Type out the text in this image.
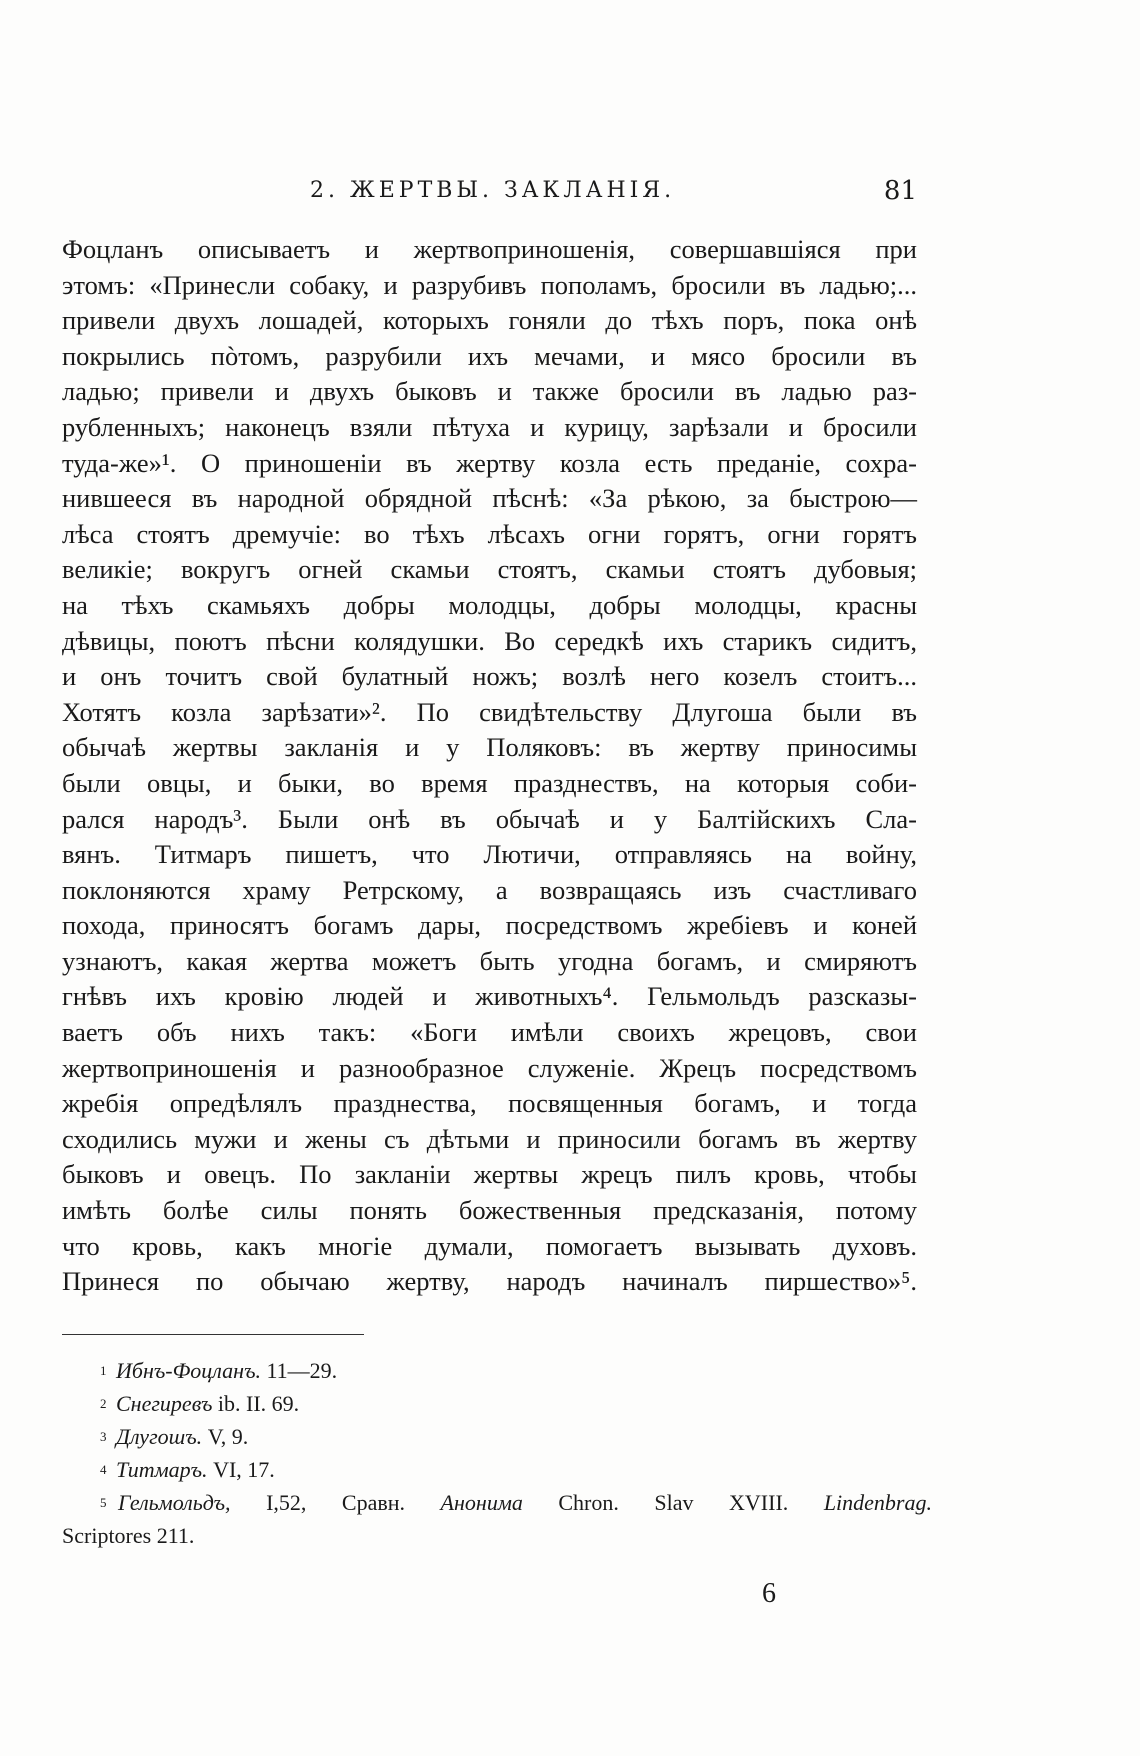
2. ЖЕРТВЫ. ЗАКЛАНІЯ.	81
Фоцланъ описываетъ и жертвоприношенія, совершавшіяся при
этомъ: «Принесли собаку, и разрубивъ пополамъ, бросили въ ладью;...
привели двухъ лошадей, которыхъ гоняли до тѣхъ поръ, пока онѣ
покрылись пòтомъ, разрубили ихъ мечами, и мясо бросили въ
ладью; привели и двухъ быковъ и также бросили въ ладью раз-
рубленныхъ; наконецъ взяли пѣтуха и курицу, зарѣзали и бросили
туда-же»¹. О приношеніи въ жертву козла есть преданіе, сохра-
нившееся въ народной обрядной пѣснѣ: «За рѣкою, за быстрою—
лѣса стоятъ дремучіе: во тѣхъ лѣсахъ огни горятъ, огни горятъ
великіе; вокругъ огней скамьи стоятъ, скамьи стоятъ дубовыя;
на тѣхъ скамьяхъ добры молодцы, добры молодцы, красны
дѣвицы, поютъ пѣсни колядушки. Во середкѣ ихъ старикъ сидитъ,
и онъ точитъ свой булатный ножъ; возлѣ него козелъ стоитъ...
Хотятъ козла зарѣзати»². По свидѣтельству Длугоша были въ
обычаѣ жертвы закланія и у Поляковъ: въ жертву приносимы
были овцы, и быки, во время празднествъ, на которыя соби-
рался народъ³. Были онѣ въ обычаѣ и у Балтійскихъ Сла-
вянъ. Титмаръ пишетъ, что Лютичи, отправляясь на войну,
поклоняются храму Ретрскому, а возвращаясь изъ счастливаго
похода, приносятъ богамъ дары, посредствомъ жребіевъ и коней
узнаютъ, какая жертва можетъ быть угодна богамъ, и смиряютъ
гнѣвъ ихъ кровію людей и животныхъ⁴. Гельмольдъ разсказы-
ваетъ объ нихъ такъ: «Боги имѣли своихъ жрецовъ, свои
жертвоприношенія и разнообразное служеніе. Жрецъ посредствомъ
жребія опредѣлялъ празднества, посвященныя богамъ, и тогда
сходились мужи и жены съ дѣтьми и приносили богамъ въ жертву
быковъ и овецъ. По закланіи жертвы жрецъ пилъ кровь, чтобы
имѣть болѣе силы понять божественныя предсказанія, потому
что кровь, какъ многіе думали, помогаетъ вызывать духовъ.
Принеся по обычаю жертву, народъ начиналъ пиршество»⁵.
1 Ибнъ-Фоцланъ. 11—29.
2 Снегиревъ ib. II. 69.
3 Длугошъ. V, 9.
4 Титмаръ. VI, 17.
5 Гельмольдъ, I,52, Сравн. Анонима Chron. Slav XVIII. Lindenbrag.
Scriptores 211.
6
